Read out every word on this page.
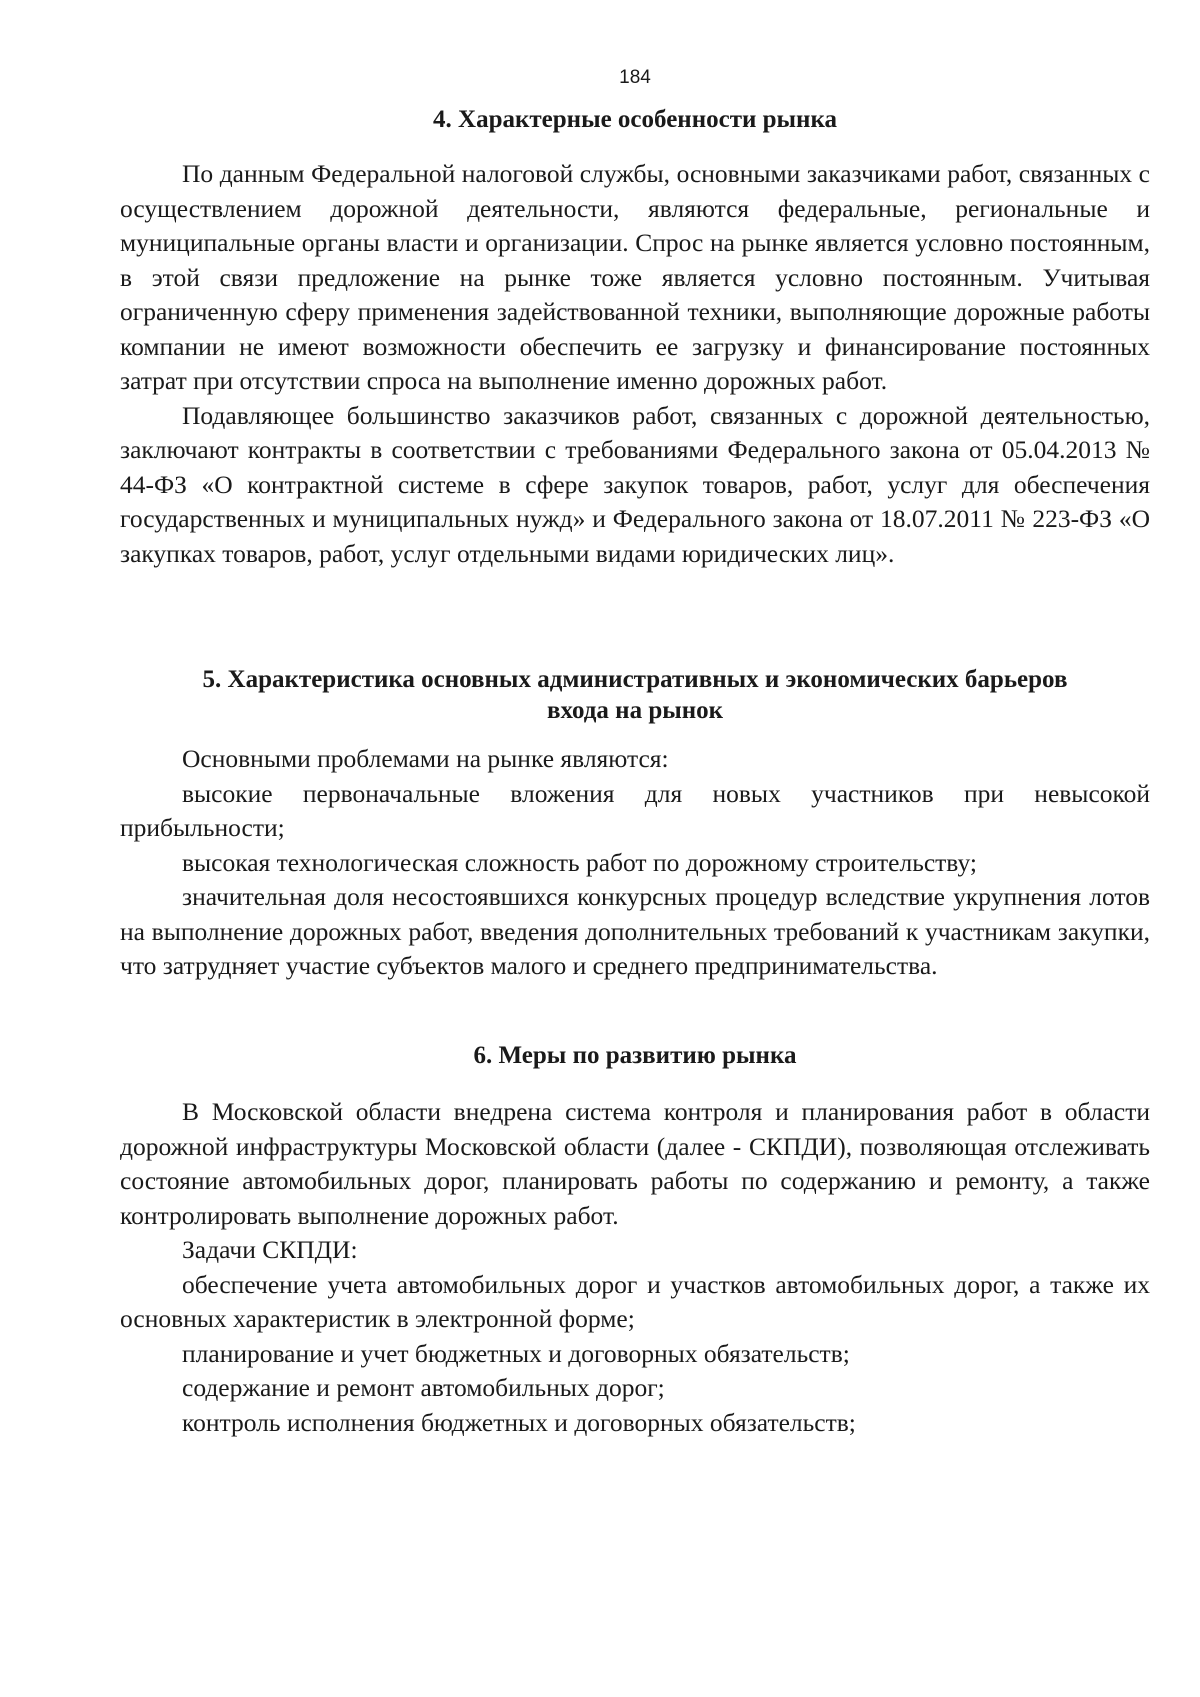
184
4. Характерные особенности рынка

По данным Федеральной налоговой службы, основными заказчиками работ, связанных с осуществлением дорожной деятельности, являются федеральные, региональные и муниципальные органы власти и организации. Спрос на рынке является условно постоянным, в этой связи предложение на рынке тоже является условно постоянным. Учитывая ограниченную сферу применения задействованной техники, выполняющие дорожные работы компании не имеют возможности обеспечить ее загрузку и финансирование постоянных затрат при отсутствии спроса на выполнение именно дорожных работ.

Подавляющее большинство заказчиков работ, связанных с дорожной деятельностью, заключают контракты в соответствии с требованиями Федерального закона от 05.04.2013 № 44-ФЗ «О контрактной системе в сфере закупок товаров, работ, услуг для обеспечения государственных и муниципальных нужд» и Федерального закона от 18.07.2011 № 223-ФЗ «О закупках товаров, работ, услуг отдельными видами юридических лиц».

5. Характеристика основных административных и экономических барьеров
входа на рынок

Основными проблемами на рынке являются:

высокие первоначальные вложения для новых участников при невысокой прибыльности;

высокая технологическая сложность работ по дорожному строительству;

значительная доля несостоявшихся конкурсных процедур вследствие укрупнения лотов на выполнение дорожных работ, введения дополнительных требований к участникам закупки, что затрудняет участие субъектов малого и среднего предпринимательства.

6. Меры по развитию рынка

В Московской области внедрена система контроля и планирования работ в области дорожной инфраструктуры Московской области (далее - СКПДИ), позволяющая отслеживать состояние автомобильных дорог, планировать работы по содержанию и ремонту, а также контролировать выполнение дорожных работ.

Задачи СКПДИ:

обеспечение учета автомобильных дорог и участков автомобильных дорог, а также их основных характеристик в электронной форме;

планирование и учет бюджетных и договорных обязательств;

содержание и ремонт автомобильных дорог;

контроль исполнения бюджетных и договорных обязательств;
